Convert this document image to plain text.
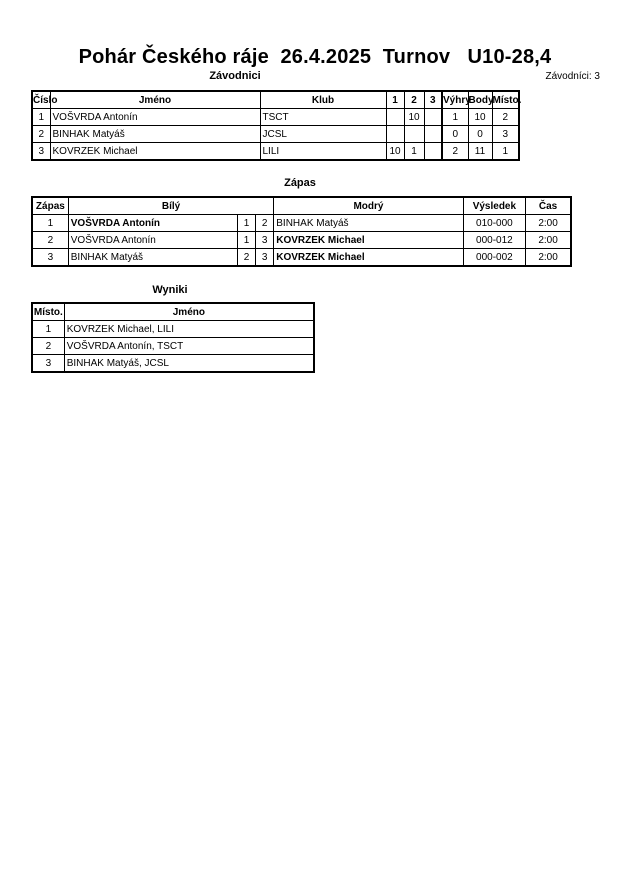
Pohár Českého ráje  26.4.2025  Turnov   U10-28,4
Závodnici	Závodníci: 3
Číslo	Jméno	Klub	1	2	3	Výhry	Body	Místo.
1	VOŠVRDA Antonín	TSCT		10		1	10	2
2	BINHAK Matyáš	JCSL				0	0	3
3	KOVRZEK Michael	LILI	10	1		2	11	1
Zápas
Zápas	Bílý			Modrý	Výsledek	Čas
1	VOŠVRDA Antonín	1	2	BINHAK Matyáš	010-000	2:00
2	VOŠVRDA Antonín	1	3	KOVRZEK Michael	000-012	2:00
3	BINHAK Matyáš	2	3	KOVRZEK Michael	000-002	2:00
Wyniki
Místo.	Jméno
1	KOVRZEK Michael, LILI
2	VOŠVRDA Antonín, TSCT
3	BINHAK Matyáš, JCSL
